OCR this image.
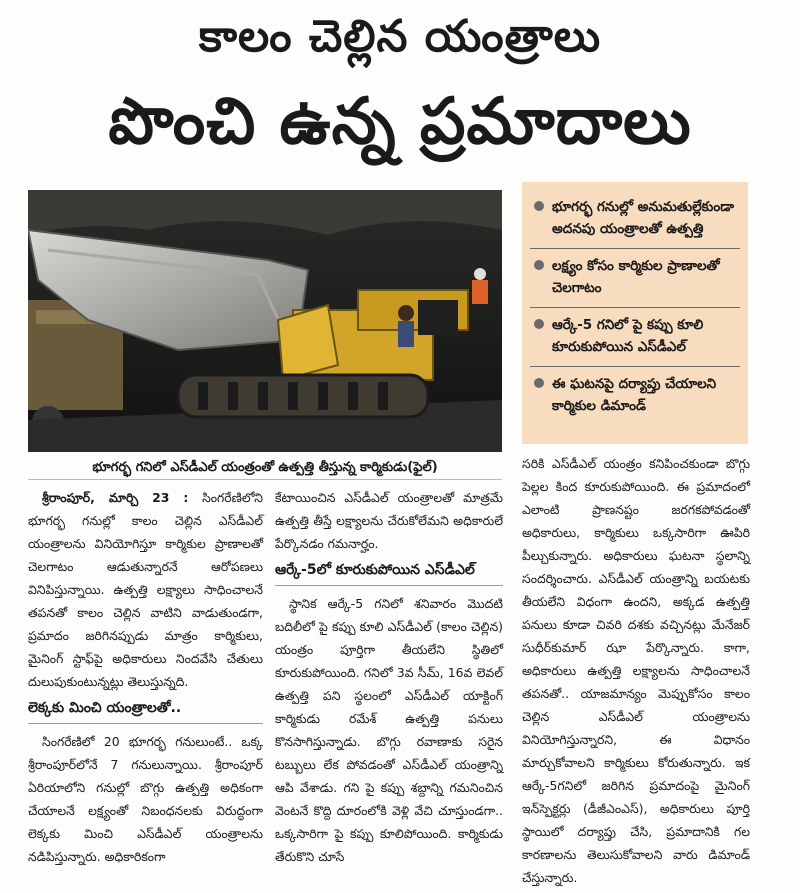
కాలం చెల్లిన యంత్రాలు
పొంచి ఉన్న ప్రమాదాలు
భూగర్భ గనిలో ఎస్‌డీఎల్ యంత్రంతో ఉత్పత్తి తీస్తున్న కార్మికుడు(ఫైల్)
భూగర్భ గనుల్లో అనుమతుల్లేకుండా అదనపు యంత్రాలతో ఉత్పత్తి
లక్ష్యం కోసం కార్మికుల ప్రాణాలతో చెలగాటం
ఆర్కే-5 గనిలో పై కప్పు కూలి కూరుకుపోయిన ఎస్‌డీఎల్
ఈ ఘటనపై దర్యాప్తు చేయాలని కార్మికుల డిమాండ్

శ్రీరాంపూర్, మార్చి 23 : సింగరేణిలోని భూగర్భ గనుల్లో కాలం చెల్లిన ఎస్‌డీఎల్ యంత్రాలను వినియోగిస్తూ కార్మికుల ప్రాణాలతో చెలగాటం ఆడుతున్నారనే ఆరోపణలు వినిపిస్తున్నాయి. ఉత్పత్తి లక్ష్యాలు సాధించాలనే తపనతో కాలం చెల్లిన వాటిని వాడుతుండగా, ప్రమాదం జరిగినప్పుడు మాత్రం కార్మికులు, మైనింగ్ స్టాఫ్‌పై అధికారులు నిందవేసి చేతులు దులుపుకుంటున్నట్లు తెలుస్తున్నది.

లెక్కకు మించి యంత్రాలతో..

సింగరేణిలో 20 భూగర్భ గనులుంటే.. ఒక్క శ్రీరాంపూర్‌లోనే 7 గనులున్నాయి. శ్రీరాంపూర్ ఏరియాలోని గనుల్లో బొగ్గు ఉత్పత్తి అధికంగా చేయాలనే లక్ష్యంతో నిబంధనలకు విరుద్ధంగా లెక్కకు మించి ఎస్‌డీఎల్ యంత్రాలను నడిపిస్తున్నారు. అధికారికంగా

కేటాయించిన ఎస్‌డీఎల్ యంత్రాలతో మాత్రమే ఉత్పత్తి తీస్తే లక్ష్యాలను చేరుకోలేమని అధికారులే పేర్కొనడం గమనార్హం.

ఆర్కే-5లో కూరుకుపోయిన ఎస్‌డీఎల్

స్థానిక ఆర్కే-5 గనిలో శనివారం మొదటి బదిలీలో పై కప్పు కూలి ఎస్‌డీఎల్ (కాలం చెల్లిన) యంత్రం పూర్తిగా తీయలేని స్థితిలో కూరుకుపోయింది. గనిలో 3వ సీమ్, 16వ లెవల్ ఉత్పత్తి పని స్థలంలో ఎస్‌డీఎల్ యాక్టింగ్ కార్మికుడు రమేశ్ ఉత్పత్తి పనులు కొనసాగిస్తున్నాడు. బొగ్గు రవాణాకు సరైన టబ్బులు లేక పోవడంతో ఎస్‌డీఎల్ యంత్రాన్ని ఆపి వేశాడు. గని పై కప్పు శబ్దాన్ని గమనించిన వెంటనే కొద్ది దూరంలోకి వెళ్లి వేచి చూస్తుండగా.. ఒక్కసారిగా పై కప్పు కూలిపోయింది. కార్మికుడు తేరుకొని చూసే

సరికి ఎస్‌డీఎల్ యంత్రం కనిపించకుండా బొగ్గు పెల్లల కింద కూరుకుపోయింది. ఈ ప్రమాదంలో ఎలాంటి ప్రాణనష్టం జరగకపోవడంతో అధికారులు, కార్మికులు ఒక్కసారిగా ఊపిరి పీల్చుకున్నారు. అధికారులు ఘటనా స్థలాన్ని సందర్శించారు. ఎస్‌డీఎల్ యంత్రాన్ని బయటకు తీయలేని విధంగా ఉందని, అక్కడ ఉత్పత్తి పనులు కూడా చివరి దశకు వచ్చినట్లు మేనేజర్ సుధీర్‌కుమార్ ఝా పేర్కొన్నారు. కాగా, అధికారులు ఉత్పత్తి లక్ష్యాలను సాధించాలనే తపనతో.. యాజమాన్యం మెప్పుకోసం కాలం చెల్లిన ఎస్‌డీఎల్ యంత్రాలను వినియోగిస్తున్నారని, ఈ విధానం మార్చుకోవాలని కార్మికులు కోరుతున్నారు. ఇక ఆర్కే-5గనిలో జరిగిన ప్రమాదంపై మైనింగ్ ఇన్‌స్పెక్టర్లు (డీజీఎంఎస్), అధికారులు పూర్తి స్థాయిలో దర్యాప్తు చేసి, ప్రమాదానికి గల కారణాలను తెలుసుకోవాలని వారు డిమాండ్ చేస్తున్నారు.
